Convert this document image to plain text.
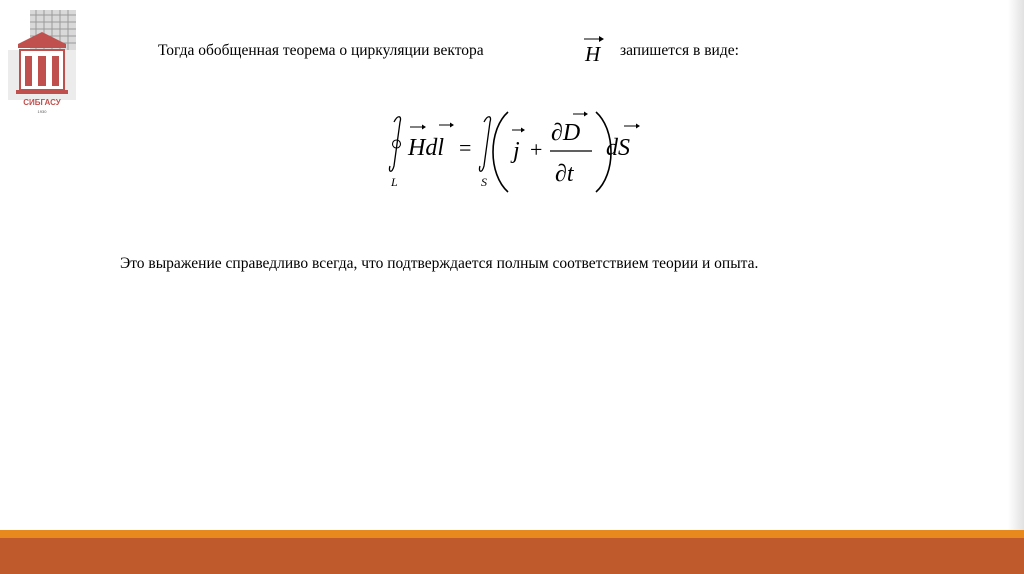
СИБГАСУ
1930
Тогда обобщенная теорема о циркуляции вектора	H запишется в виде:
L
Hdl =
S
j +
∂D
∂t
dS
Это выражение справедливо всегда, что подтверждается полным соответствием теории и опыта.
